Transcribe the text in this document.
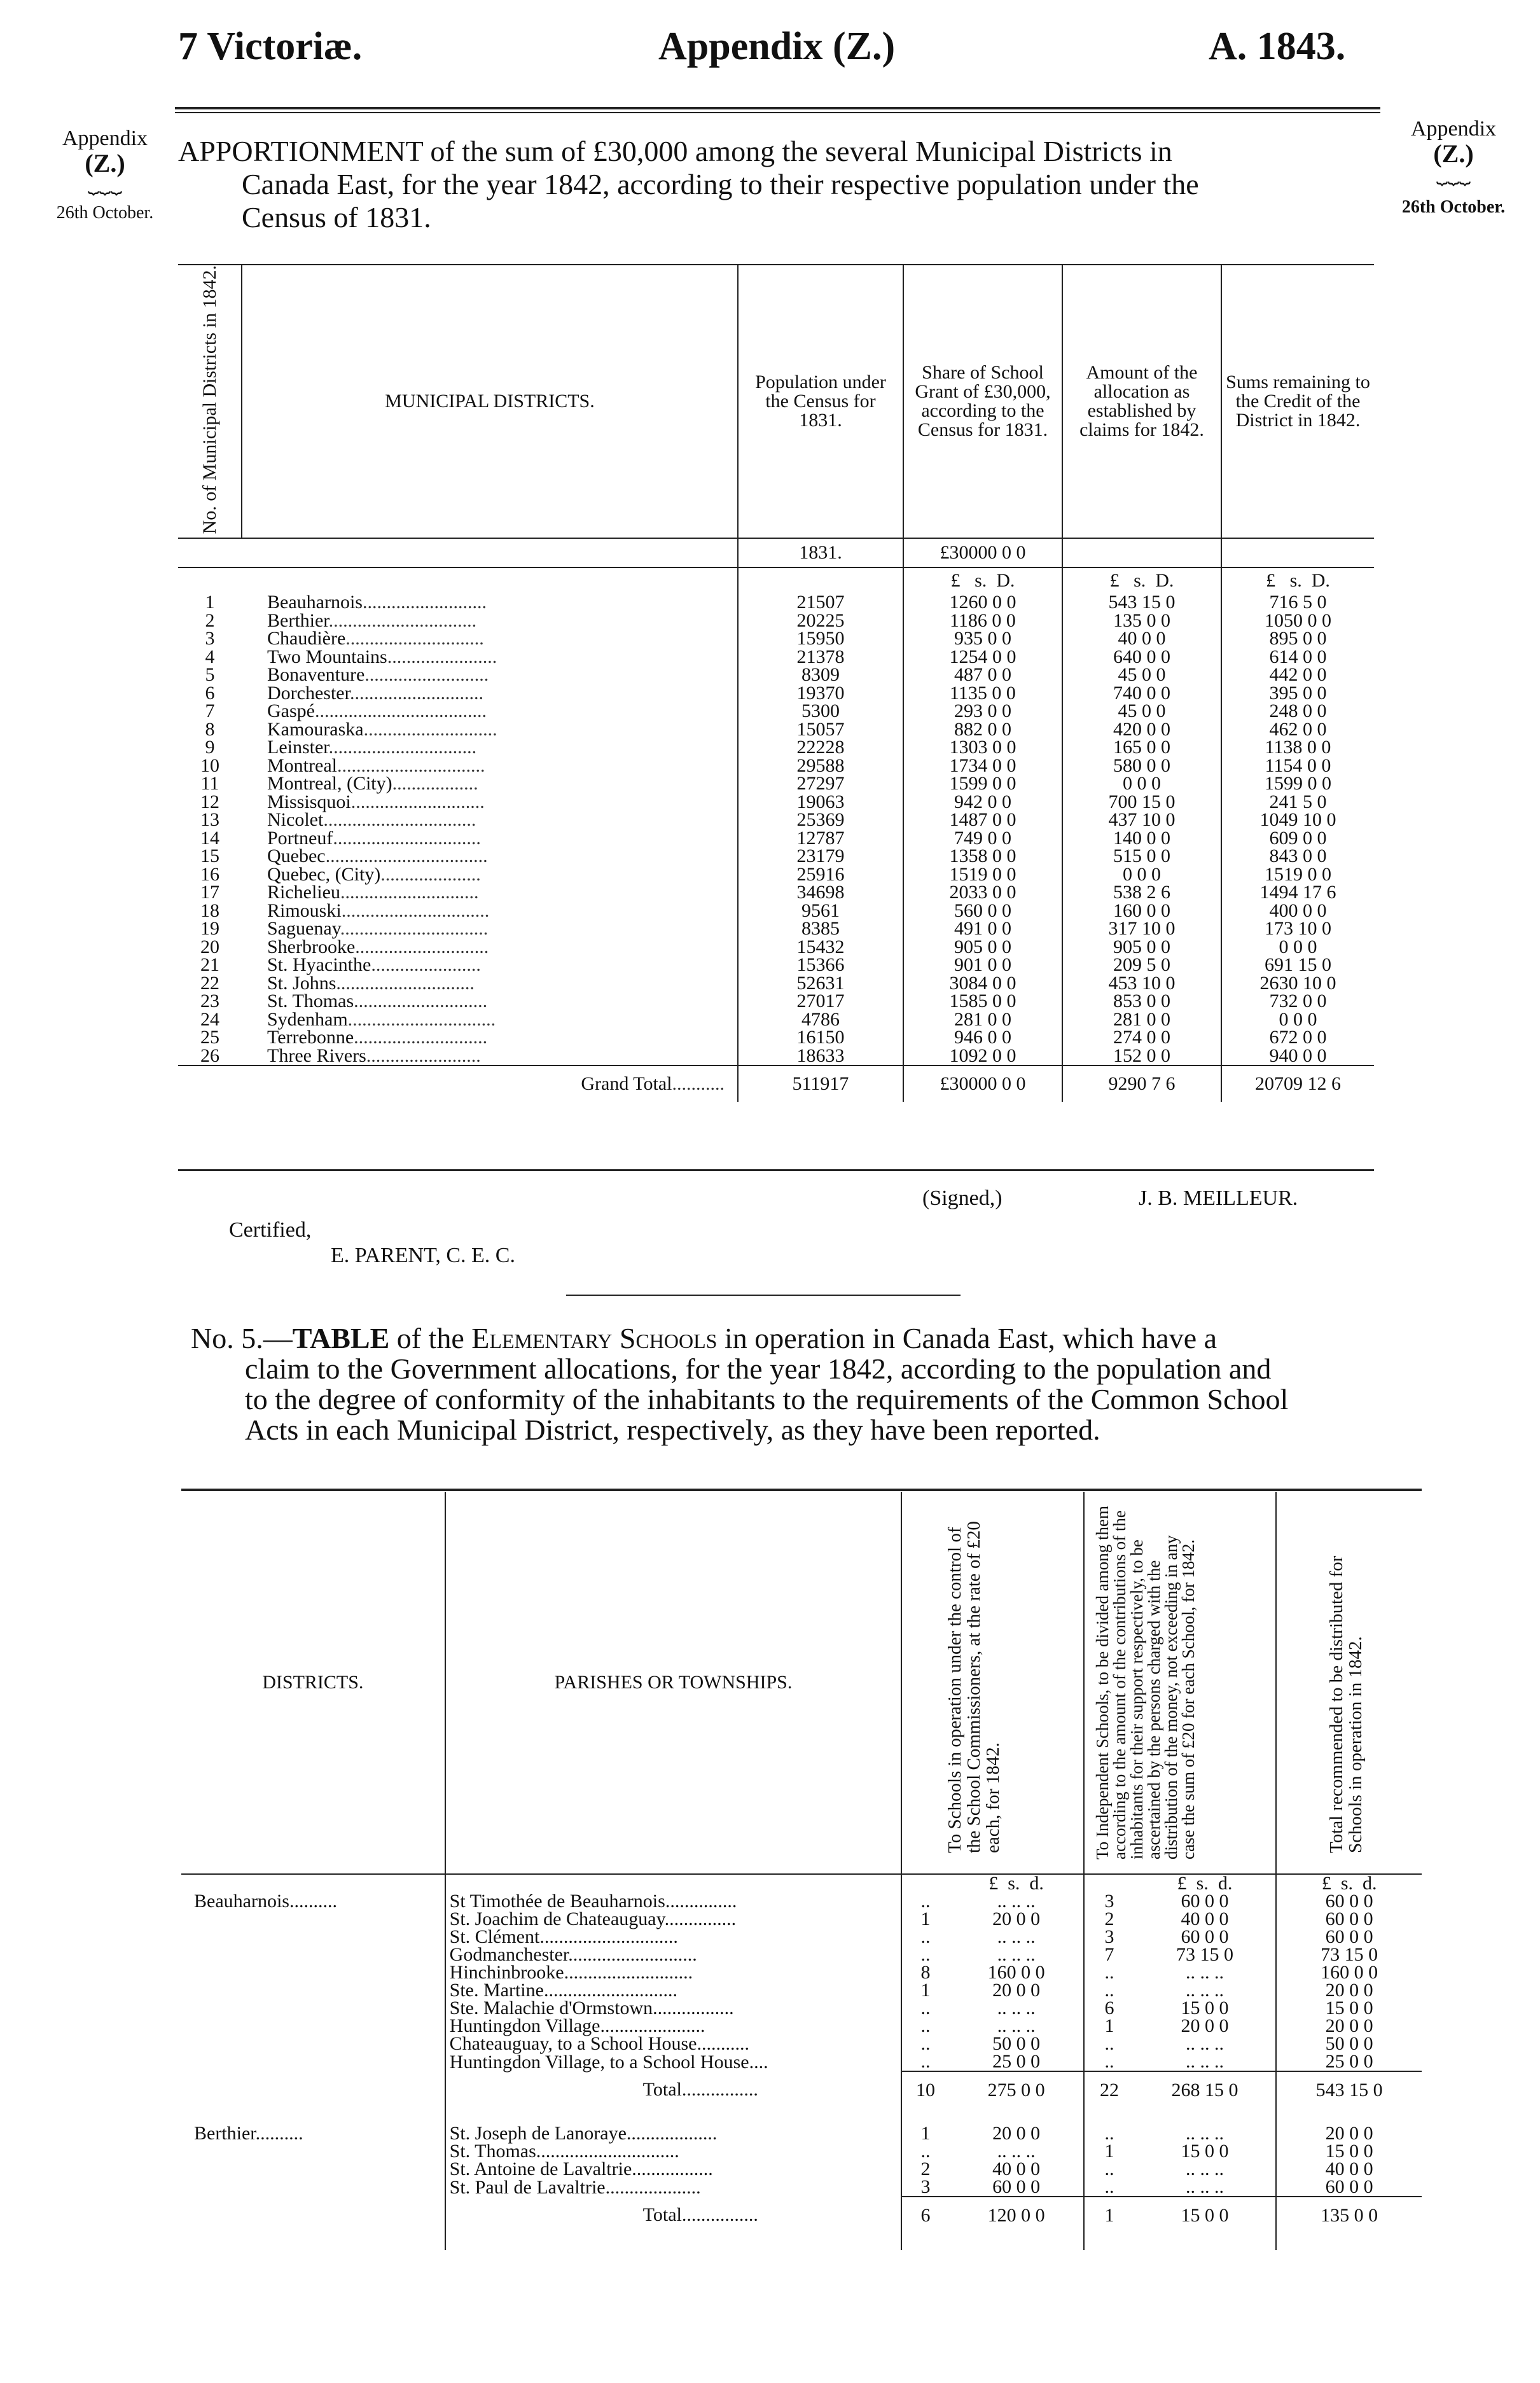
7 Victoriæ.	Appendix (Z.)	A. 1843.
Appendix
(Z.)
⏟⏟⏟
26th October.
Appendix
(Z.)
⏟⏟⏟
26th October.
APPORTIONMENT of the sum of £30,000 among the several Municipal Districts in
Canada East, for the year 1842, according to their respective population under the
Census of 1831.
No. of Municipal Districts in 1842.	MUNICIPAL DISTRICTS.	Population under the Census for 1831.	Share of School Grant of £30,000, according to the Census for 1831.	Amount of the allocation as established by claims for 1842.	Sums remaining to the Credit of the District in 1842.
		1831.	£30000 0 0		
			£ s. D.	£ s. D.	£ s. D.
1	Beauharnois..........................	21507	1260 0 0	543 15 0	716 5 0
2	Berthier...............................	20225	1186 0 0	135 0 0	1050 0 0
3	Chaudière.............................	15950	935 0 0	40 0 0	895 0 0
4	Two Mountains.......................	21378	1254 0 0	640 0 0	614 0 0
5	Bonaventure..........................	8309	487 0 0	45 0 0	442 0 0
6	Dorchester............................	19370	1135 0 0	740 0 0	395 0 0
7	Gaspé....................................	5300	293 0 0	45 0 0	248 0 0
8	Kamouraska............................	15057	882 0 0	420 0 0	462 0 0
9	Leinster...............................	22228	1303 0 0	165 0 0	1138 0 0
10	Montreal...............................	29588	1734 0 0	580 0 0	1154 0 0
11	Montreal, (City)..................	27297	1599 0 0	0 0 0	1599 0 0
12	Missisquoi............................	19063	942 0 0	700 15 0	241 5 0
13	Nicolet................................	25369	1487 0 0	437 10 0	1049 10 0
14	Portneuf...............................	12787	749 0 0	140 0 0	609 0 0
15	Quebec..................................	23179	1358 0 0	515 0 0	843 0 0
16	Quebec, (City).....................	25916	1519 0 0	0 0 0	1519 0 0
17	Richelieu.............................	34698	2033 0 0	538 2 6	1494 17 6
18	Rimouski...............................	9561	560 0 0	160 0 0	400 0 0
19	Saguenay...............................	8385	491 0 0	317 10 0	173 10 0
20	Sherbrooke............................	15432	905 0 0	905 0 0	0 0 0
21	St. Hyacinthe.......................	15366	901 0 0	209 5 0	691 15 0
22	St. Johns.............................	52631	3084 0 0	453 10 0	2630 10 0
23	St. Thomas............................	27017	1585 0 0	853 0 0	732 0 0
24	Sydenham...............................	4786	281 0 0	281 0 0	0 0 0
25	Terrebonne............................	16150	946 0 0	274 0 0	672 0 0
26	Three Rivers........................	18633	1092 0 0	152 0 0	940 0 0
	Grand Total...........	511917	£30000 0 0	9290 7 6	20709 12 6
(Signed,)	J. B. MEILLEUR.
Certified,
E. PARENT, C. E. C.
No. 5.—TABLE of the Elementary Schools in operation in Canada East, which have a
claim to the Government allocations, for the year 1842, according to the population and
to the degree of conformity of the inhabitants to the requirements of the Common School
Acts in each Municipal District, respectively, as they have been reported.
DISTRICTS.	PARISHES OR TOWNSHIPS.	To Schools in operation under the control of the School Commissioners, at the rate of £20 each, for 1842.		To Independent Schools, to be divided among them according to the amount of the contributions of the inhabitants for their support respectively, to be ascertained by the persons charged with the distribution of the money, not exceeding in any case the sum of £20 for each School, for 1842.		Total recommended to be distributed for Schools in operation in 1842.
			£ s. d.		£ s. d.	£ s. d.
Beauharnois..........	St Timothée de Beauharnois...............	..	.. .. ..	3	60 0 0	60 0 0
	St. Joachim de Chateauguay...............	1	20 0 0	2	40 0 0	60 0 0
	St. Clément.............................	..	.. .. ..	3	60 0 0	60 0 0
	Godmanchester...........................	..	.. .. ..	7	73 15 0	73 15 0
	Hinchinbrooke...........................	8	160 0 0	..	.. .. ..	160 0 0
	Ste. Martine............................	1	20 0 0	..	.. .. ..	20 0 0
	Ste. Malachie d'Ormstown.................	..	.. .. ..	6	15 0 0	15 0 0
	Huntingdon Village......................	..	.. .. ..	1	20 0 0	20 0 0
	Chateauguay, to a School House...........	..	50 0 0	..	.. .. ..	50 0 0
	Huntingdon Village, to a School House....	..	25 0 0	..	.. .. ..	25 0 0
	Total................	10	275 0 0	22	268 15 0	543 15 0

Berthier..........	St. Joseph de Lanoraye...................	1	20 0 0	..	.. .. ..	20 0 0
	St. Thomas..............................	..	.. .. ..	1	15 0 0	15 0 0
	St. Antoine de Lavaltrie.................	2	40 0 0	..	.. .. ..	40 0 0
	St. Paul de Lavaltrie....................	3	60 0 0	..	.. .. ..	60 0 0
	Total................	6	120 0 0	1	15 0 0	135 0 0
